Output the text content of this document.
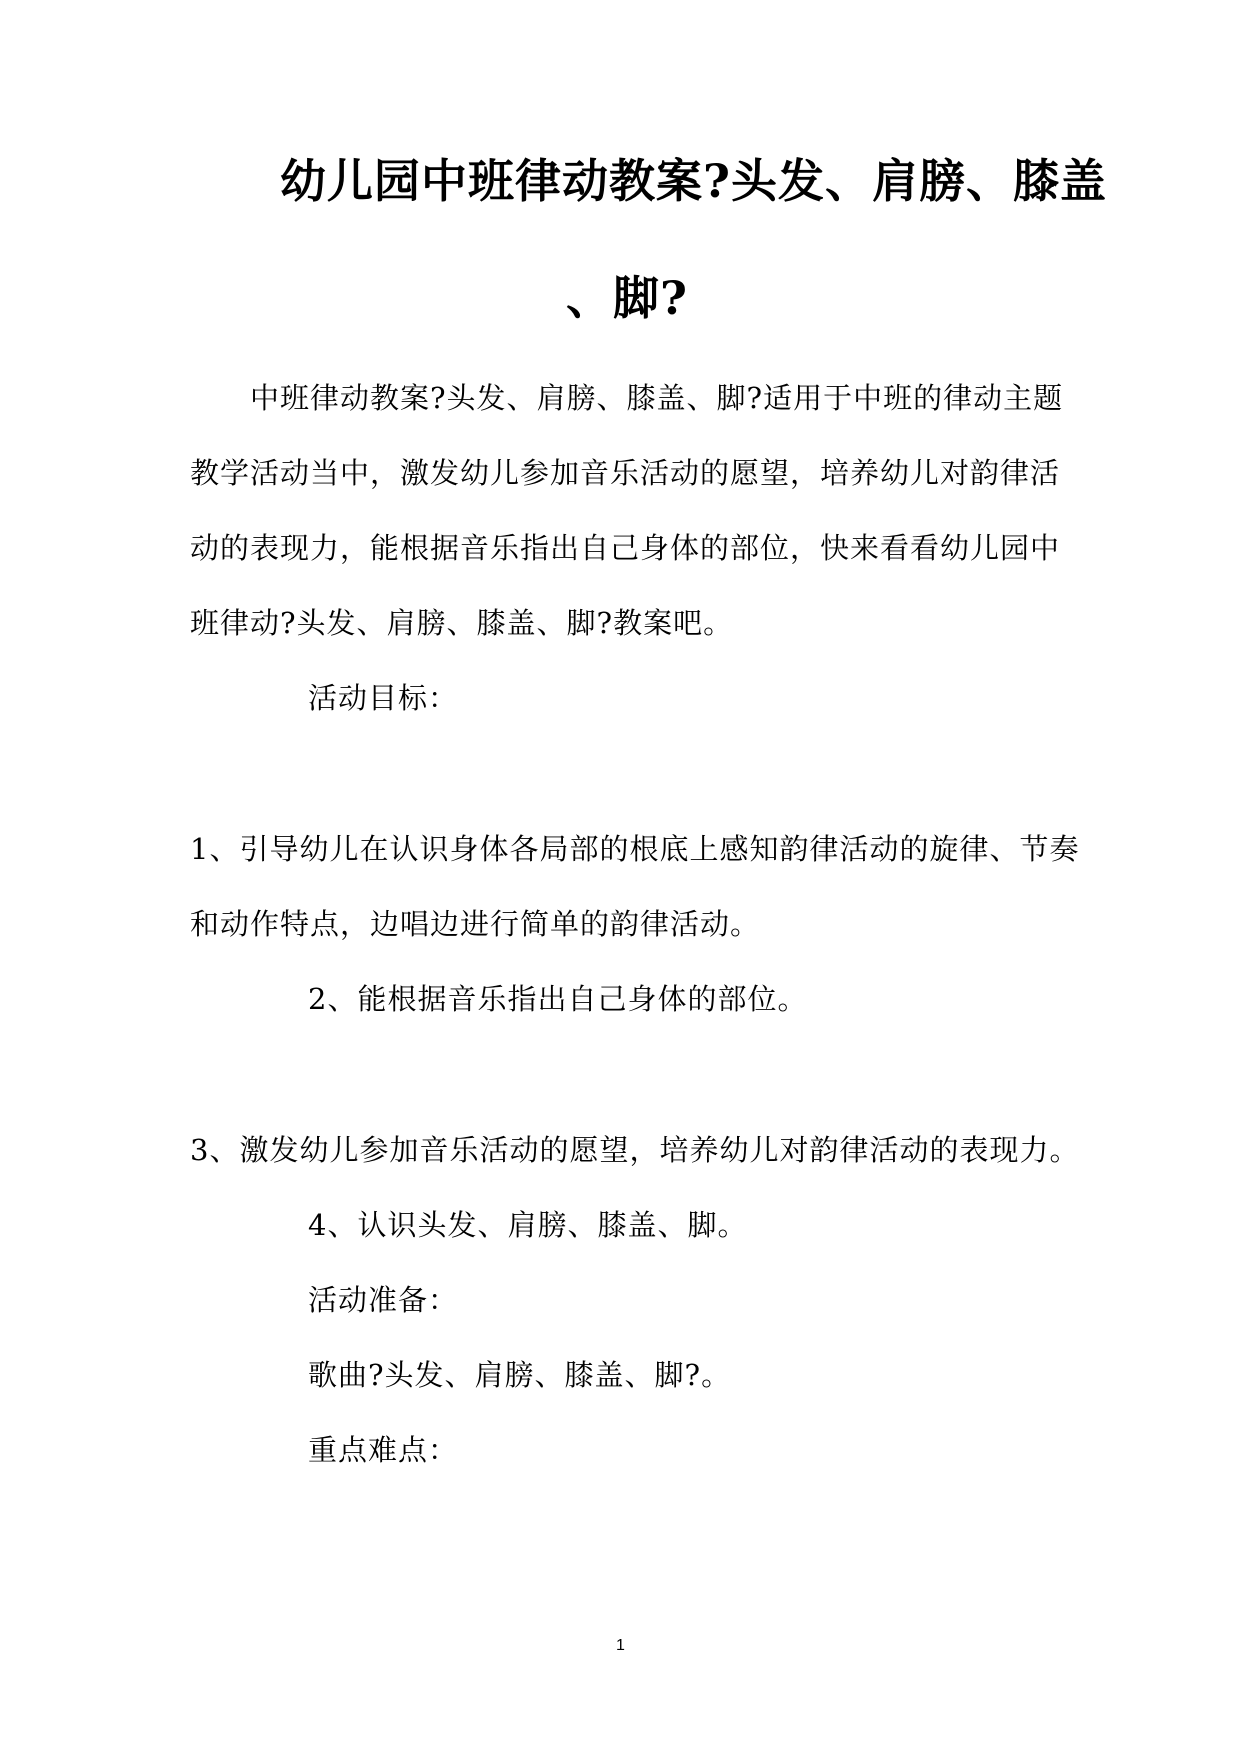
幼儿园中班律动教案?头发、肩膀、膝盖
、脚?
中班律动教案?头发、肩膀、膝盖、脚?适用于中班的律动主题
教学活动当中，激发幼儿参加音乐活动的愿望，培养幼儿对韵律活
动的表现力，能根据音乐指出自己身体的部位，快来看看幼儿园中
班律动?头发、肩膀、膝盖、脚?教案吧。
活动目标：
1、引导幼儿在认识身体各局部的根底上感知韵律活动的旋律、节奏
和动作特点，边唱边进行简单的韵律活动。
2、能根据音乐指出自己身体的部位。
3、激发幼儿参加音乐活动的愿望，培养幼儿对韵律活动的表现力。
4、认识头发、肩膀、膝盖、脚。
活动准备：
歌曲?头发、肩膀、膝盖、脚?。
重点难点：
1
